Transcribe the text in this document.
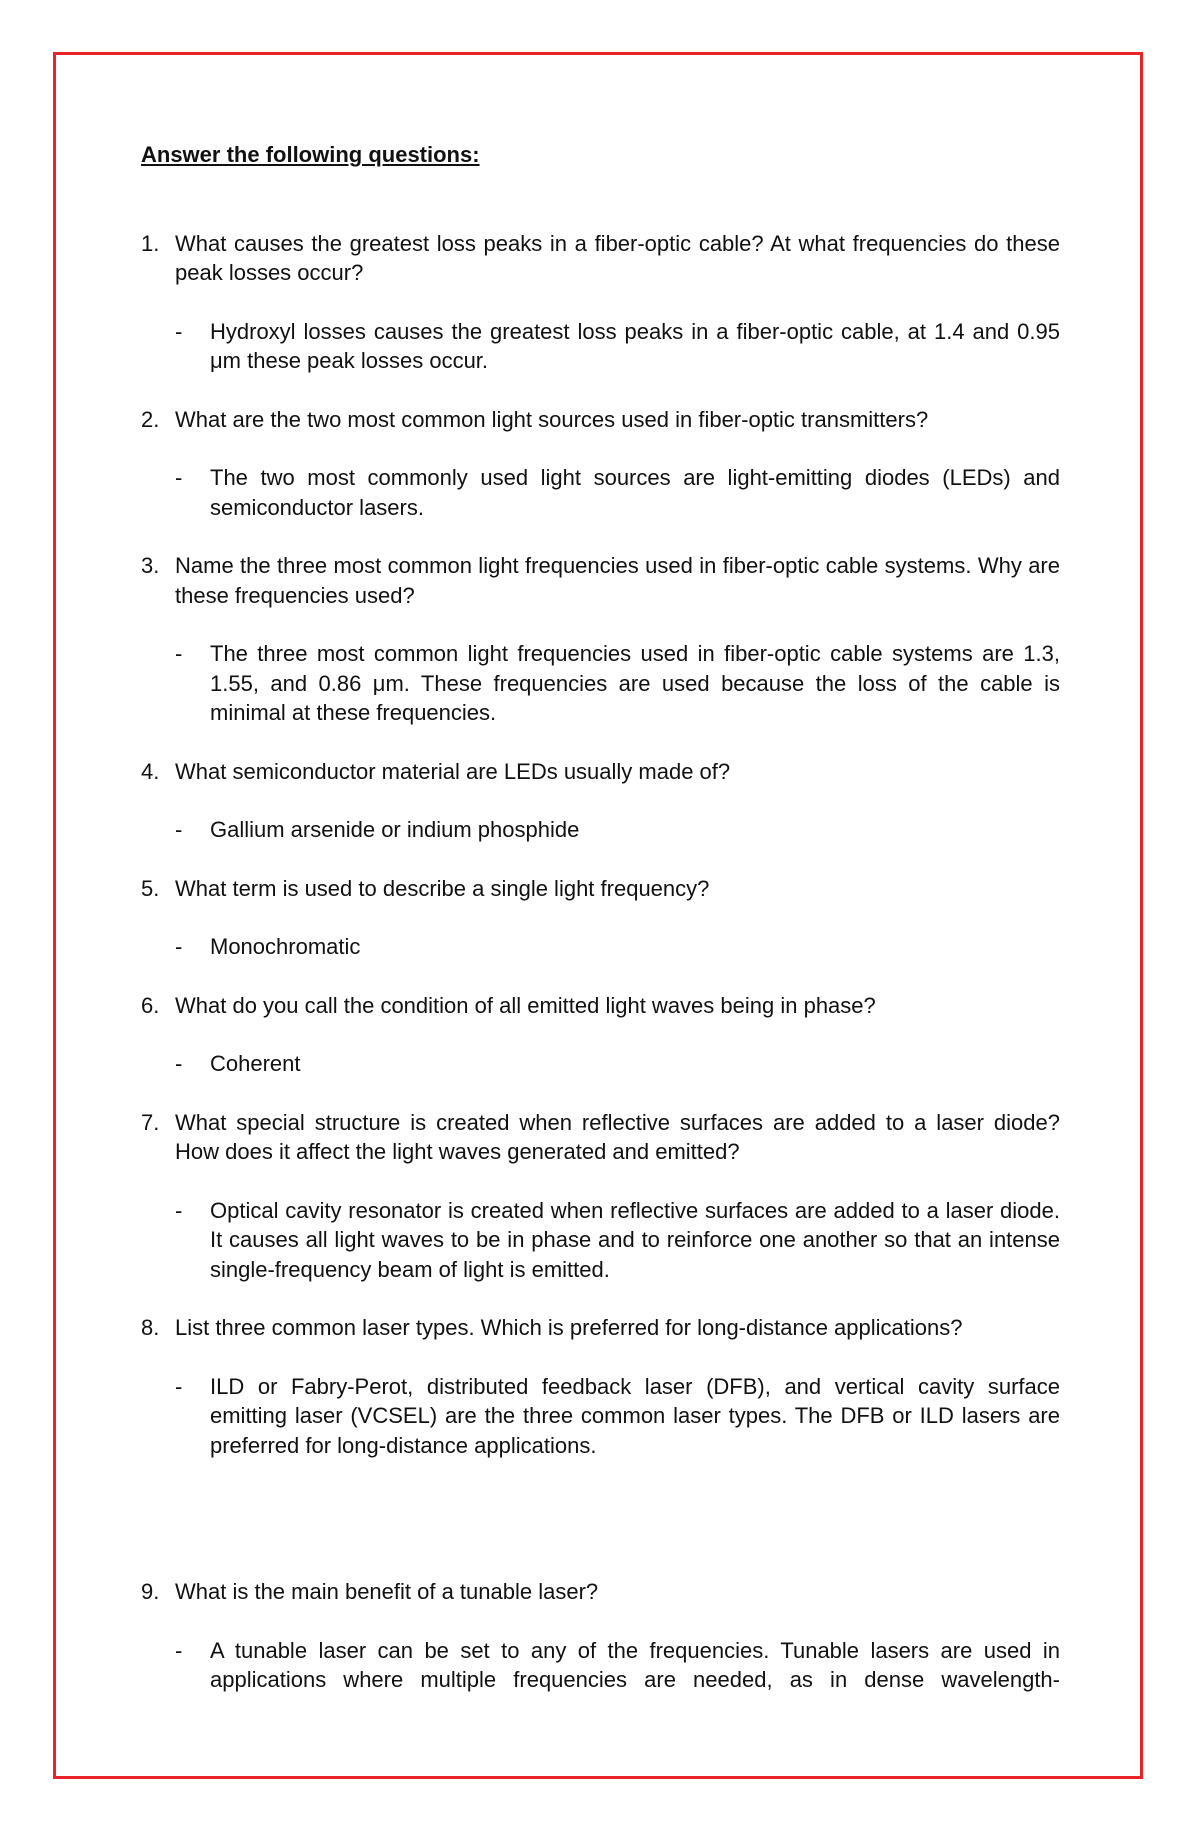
Answer the following questions:
1. What causes the greatest loss peaks in a fiber-optic cable? At what frequencies do these peak losses occur?
-	Hydroxyl losses causes the greatest loss peaks in a fiber-optic cable, at 1.4 and 0.95 μm these peak losses occur.
2. What are the two most common light sources used in fiber-optic transmitters?
-	The two most commonly used light sources are light-emitting diodes (LEDs) and semiconductor lasers.
3. Name the three most common light frequencies used in fiber-optic cable systems. Why are these frequencies used?
-	The three most common light frequencies used in fiber-optic cable systems are 1.3, 1.55, and 0.86 μm. These frequencies are used because the loss of the cable is minimal at these frequencies.
4. What semiconductor material are LEDs usually made of?
-	Gallium arsenide or indium phosphide
5. What term is used to describe a single light frequency?
-	Monochromatic
6. What do you call the condition of all emitted light waves being in phase?
-	Coherent
7. What special structure is created when reflective surfaces are added to a laser diode? How does it affect the light waves generated and emitted?
-	Optical cavity resonator is created when reflective surfaces are added to a laser diode. It causes all light waves to be in phase and to reinforce one another so that an intense single-frequency beam of light is emitted.
8. List three common laser types. Which is preferred for long-distance applications?
-	ILD or Fabry-Perot, distributed feedback laser (DFB), and vertical cavity surface emitting laser (VCSEL) are the three common laser types. The DFB or ILD lasers are preferred for long-distance applications.
9. What is the main benefit of a tunable laser?
-	A tunable laser can be set to any of the frequencies. Tunable lasers are used in applications where multiple frequencies are needed, as in dense wavelength-
